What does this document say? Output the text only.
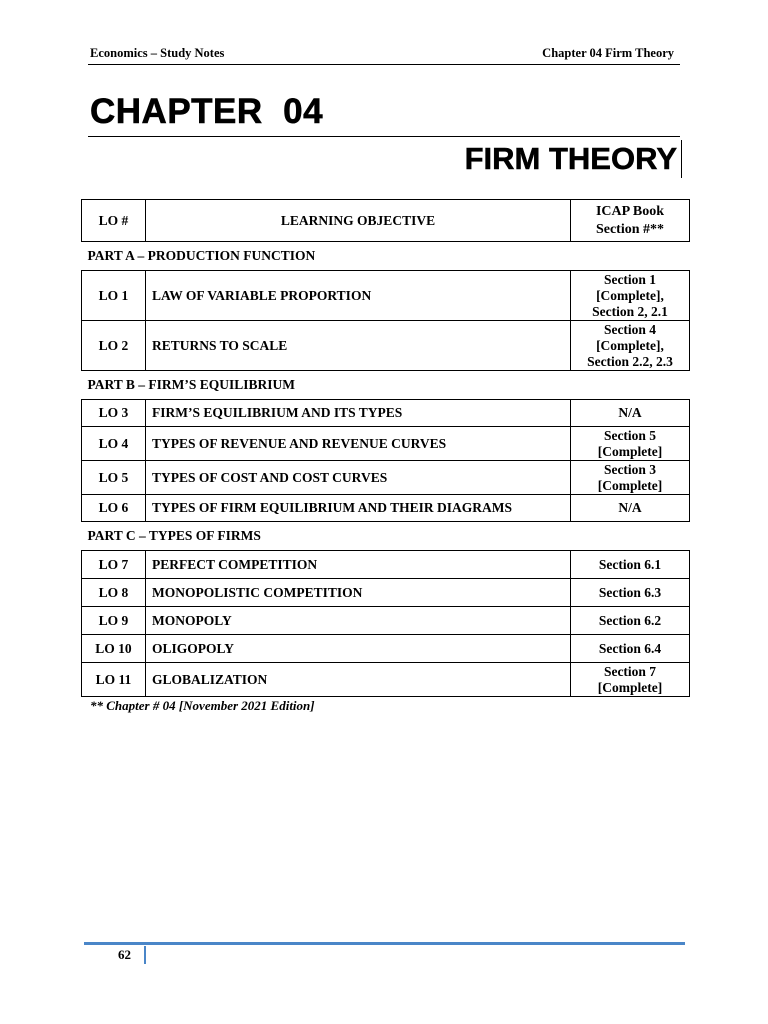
Economics – Study Notes	Chapter 04 Firm Theory
CHAPTER  04
FIRM THEORY
LO #	LEARNING OBJECTIVE	ICAP Book
Section #**

PART A – PRODUCTION FUNCTION		
LO 1	LAW OF VARIABLE PROPORTION	Section 1
[Complete],
Section 2, 2.1

LO 2	RETURNS TO SCALE	Section 4
[Complete],
Section 2.2, 2.3

PART B – FIRM’S EQUILIBRIUM		
LO 3	FIRM’S EQUILIBRIUM AND ITS TYPES	N/A

LO 4	TYPES OF REVENUE AND REVENUE CURVES	Section 5
[Complete]

LO 5	TYPES OF COST AND COST CURVES	Section 3
[Complete]

LO 6	TYPES OF FIRM EQUILIBRIUM AND THEIR DIAGRAMS	N/A

PART C – TYPES OF FIRMS		
LO 7	PERFECT COMPETITION	Section 6.1

LO 8	MONOPOLISTIC COMPETITION	Section 6.3

LO 9	MONOPOLY	Section 6.2

LO 10	OLIGOPOLY	Section 6.4

LO 11	GLOBALIZATION	Section 7
[Complete]
** Chapter # 04 [November 2021 Edition]
62
